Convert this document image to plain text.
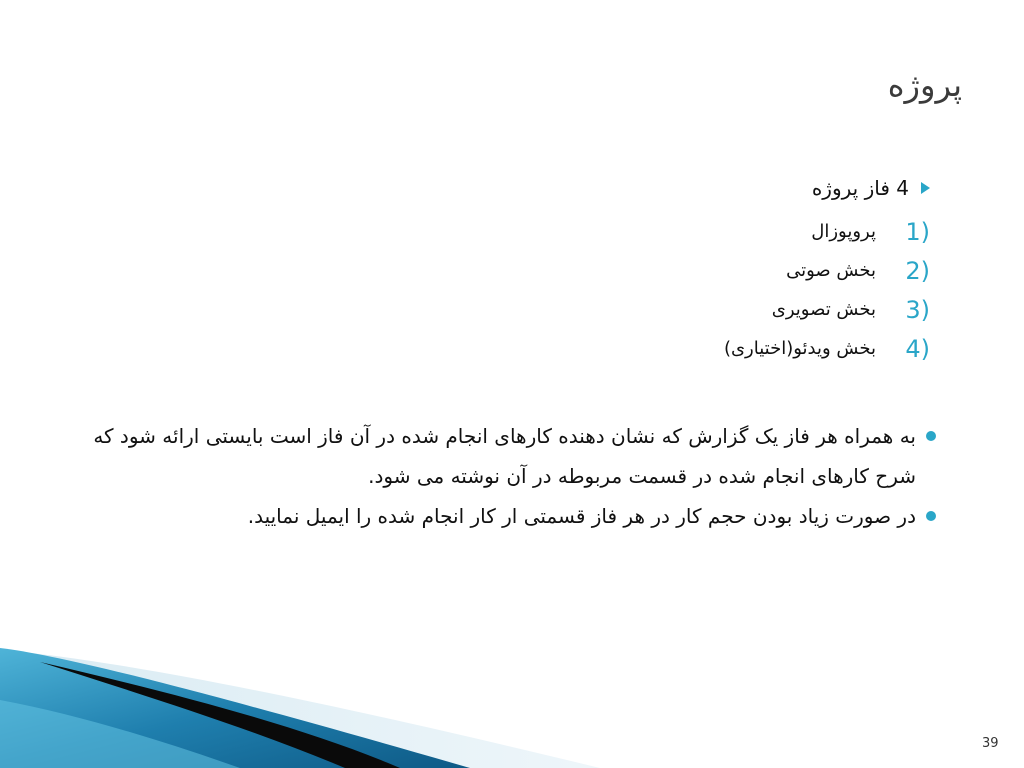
پروژه
4 فاز پروژه
1)
پروپوزال
2)
بخش صوتی
3)
بخش تصویری
4)
بخش ویدئو(اختیاری)
به همراه هر فاز یک گزارش که نشان دهنده کارهای انجام شده در آن فاز است بایستی ارائه شود که شرح کارهای انجام شده در قسمت مربوطه در آن نوشته می شود.
در صورت زیاد بودن حجم کار در هر فاز قسمتی ار کار انجام شده را ایمیل نمایید.
39
